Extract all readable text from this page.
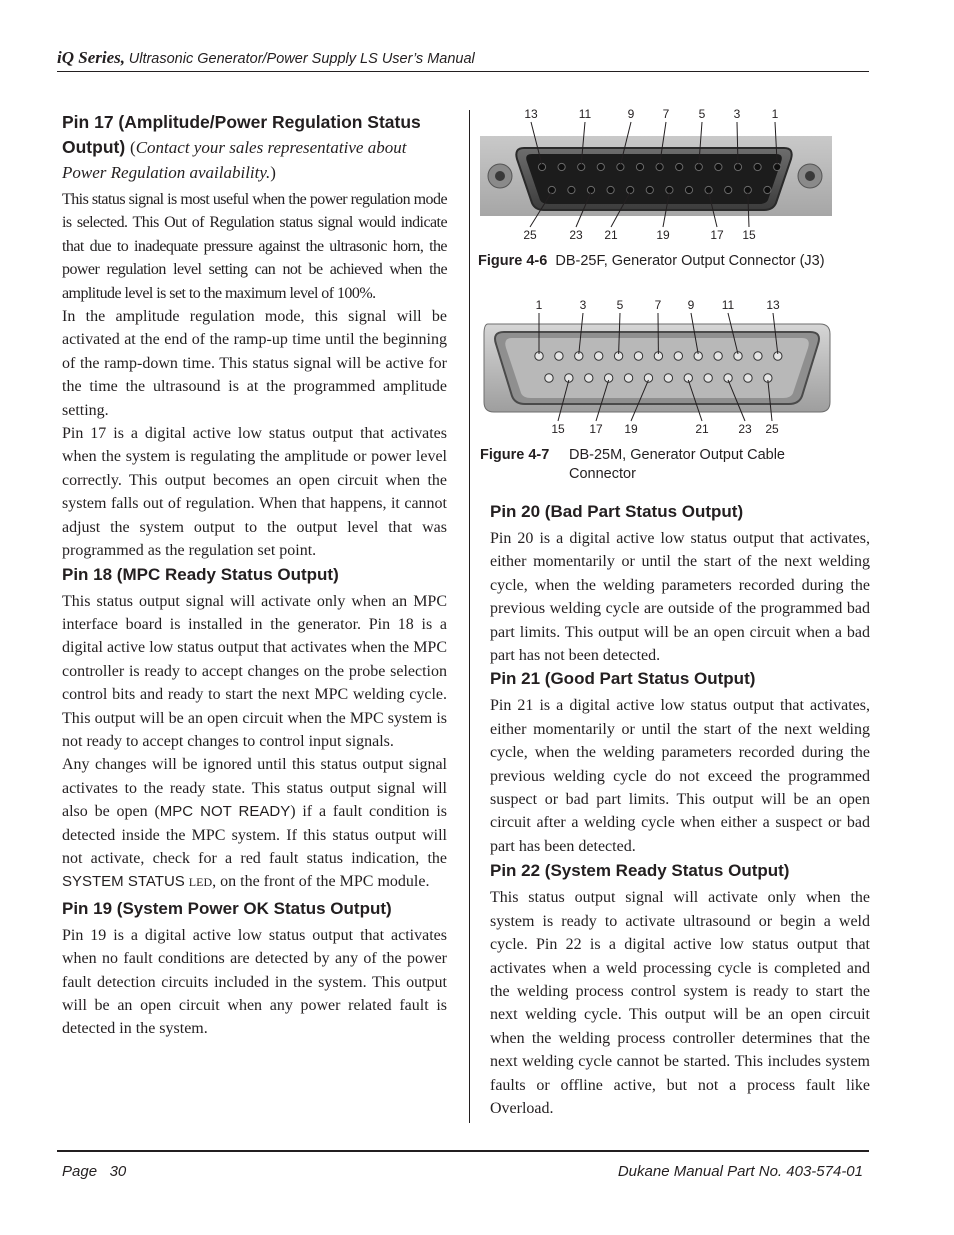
iQ Series, Ultrasonic Generator/Power Supply LS User’s Manual
Pin 17 (Amplitude/Power Regulation Status Output) (Contact your sales representative about Power Regulation availability.)

This status signal is most useful when the power regulation mode is selected. This Out of Regulation status signal would indicate that due to inadequate pressure against the ultrasonic horn, the power regulation level setting can not be achieved when the amplitude level is set to the maximum level of 100%.

In the amplitude regulation mode, this signal will be activated at the end of the ramp-up time until the beginning of the ramp-down time. This status signal will be active for the time the ultrasound is at the programmed amplitude setting.

Pin 17 is a digital active low status output that activates when the system is regulating the amplitude or power level correctly. This output becomes an open circuit when the system falls out of regulation. When that happens, it cannot adjust the system output to the output level that was programmed as the regulation set point.

Pin 18 (MPC Ready Status Output)

This status output signal will activate only when an MPC interface board is installed in the generator. Pin 18 is a digital active low status output that activates when the MPC controller is ready to accept changes on the probe selection control bits and ready to start the next MPC welding cycle. This output will be an open circuit when the MPC system is not ready to accept changes to control input signals.

Any changes will be ignored until this status output signal activates to the ready state. This status output signal will also be open (MPC NOT READY) if a fault condition is detected inside the MPC system. If this status output will not activate, check for a red fault status indication, the SYSTEM STATUS LED, on the front of the MPC module.

Pin 19 (System Power OK Status Output)

Pin 19 is a digital active low status output that activates when no fault conditions are detected by any of the power fault detection circuits included in the system. This output will be an open circuit when any power related fault is detected in the system.

13	11	9 7 5 3	1
25	23 21	19	17 15
Figure 4-6 DB-25F, Generator Output Connector (J3)
1	3	5	7 9 11	13
15 17 19	21 23 25
Figure 4-7	DB-25M, Generator Output Cable Connector
Pin 20 (Bad Part Status Output)

Pin 20 is a digital active low status output that activates, either momentarily or until the start of the next welding cycle, when the welding parameters recorded during the previous welding cycle are outside of the programmed bad part limits. This output will be an open circuit when a bad part has not been detected.

Pin 21 (Good Part Status Output)

Pin 21 is a digital active low status output that activates, either momentarily or until the start of the next welding cycle, when the welding parameters recorded during the previous welding cycle do not exceed the programmed suspect or bad part limits. This output will be an open circuit after a welding cycle when either a suspect or bad part has been detected.

Pin 22 (System Ready Status Output)

This status output signal will activate only when the system is ready to activate ultrasound or begin a weld cycle. Pin 22 is a digital active low status output that activates when a weld processing cycle is completed and the welding process control system is ready to start the next welding cycle. This output will be an open circuit when the welding process controller determines that the next welding cycle cannot be started. This includes system faults or offline active, but not a process fault like Overload.

Page 30	Dukane Manual Part No. 403-574-01
